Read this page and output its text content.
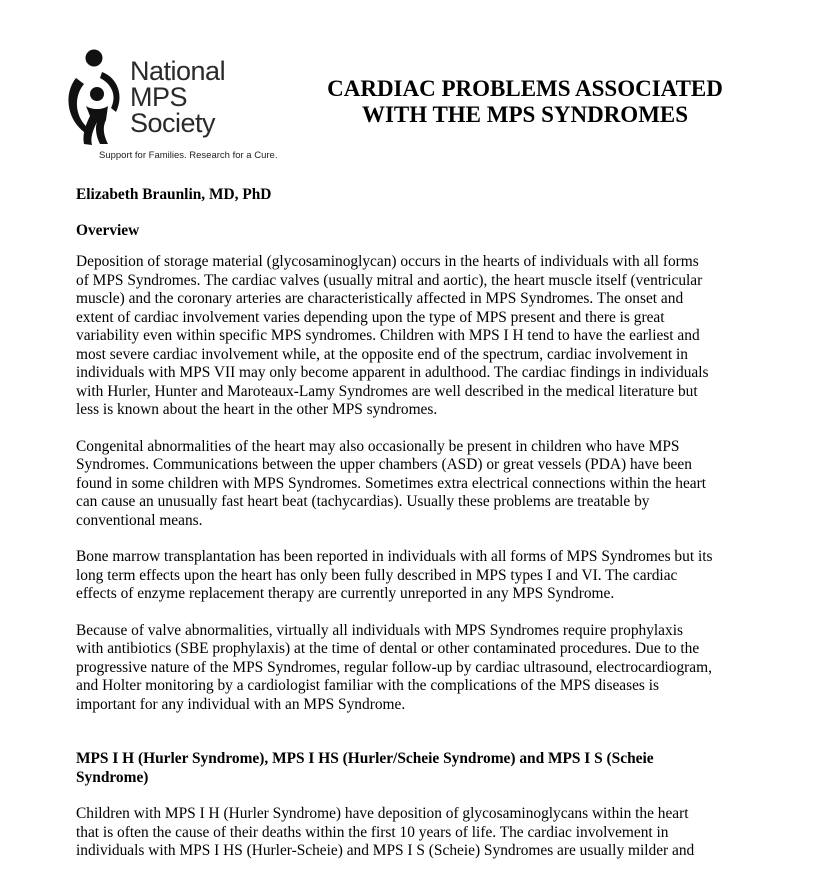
National
MPS
Society
Support for Families. Research for a Cure.
CARDIAC PROBLEMS ASSOCIATED
WITH THE MPS SYNDROMES
Elizabeth Braunlin, MD, PhD
Overview
Deposition of storage material (glycosaminoglycan) occurs in the hearts of individuals with all forms
of MPS Syndromes. The cardiac valves (usually mitral and aortic), the heart muscle itself (ventricular
muscle) and the coronary arteries are characteristically affected in MPS Syndromes. The onset and
extent of cardiac involvement varies depending upon the type of MPS present and there is great
variability even within specific MPS syndromes. Children with MPS I H tend to have the earliest and
most severe cardiac involvement while, at the opposite end of the spectrum, cardiac involvement in
individuals with MPS VII may only become apparent in adulthood. The cardiac findings in individuals
with Hurler, Hunter and Maroteaux-Lamy Syndromes are well described in the medical literature but
less is known about the heart in the other MPS syndromes.
Congenital abnormalities of the heart may also occasionally be present in children who have MPS
Syndromes. Communications between the upper chambers (ASD) or great vessels (PDA) have been
found in some children with MPS Syndromes. Sometimes extra electrical connections within the heart
can cause an unusually fast heart beat (tachycardias). Usually these problems are treatable by
conventional means.
Bone marrow transplantation has been reported in individuals with all forms of MPS Syndromes but its
long term effects upon the heart has only been fully described in MPS types I and VI. The cardiac
effects of enzyme replacement therapy are currently unreported in any MPS Syndrome.
Because of valve abnormalities, virtually all individuals with MPS Syndromes require prophylaxis
with antibiotics (SBE prophylaxis) at the time of dental or other contaminated procedures. Due to the
progressive nature of the MPS Syndromes, regular follow-up by cardiac ultrasound, electrocardiogram,
and Holter monitoring by a cardiologist familiar with the complications of the MPS diseases is
important for any individual with an MPS Syndrome.
MPS I H (Hurler Syndrome), MPS I HS (Hurler/Scheie Syndrome) and MPS I S (Scheie
Syndrome)
Children with MPS I H (Hurler Syndrome) have deposition of glycosaminoglycans within the heart
that is often the cause of their deaths within the first 10 years of life. The cardiac involvement in
individuals with MPS I HS (Hurler-Scheie) and MPS I S (Scheie) Syndromes are usually milder and
